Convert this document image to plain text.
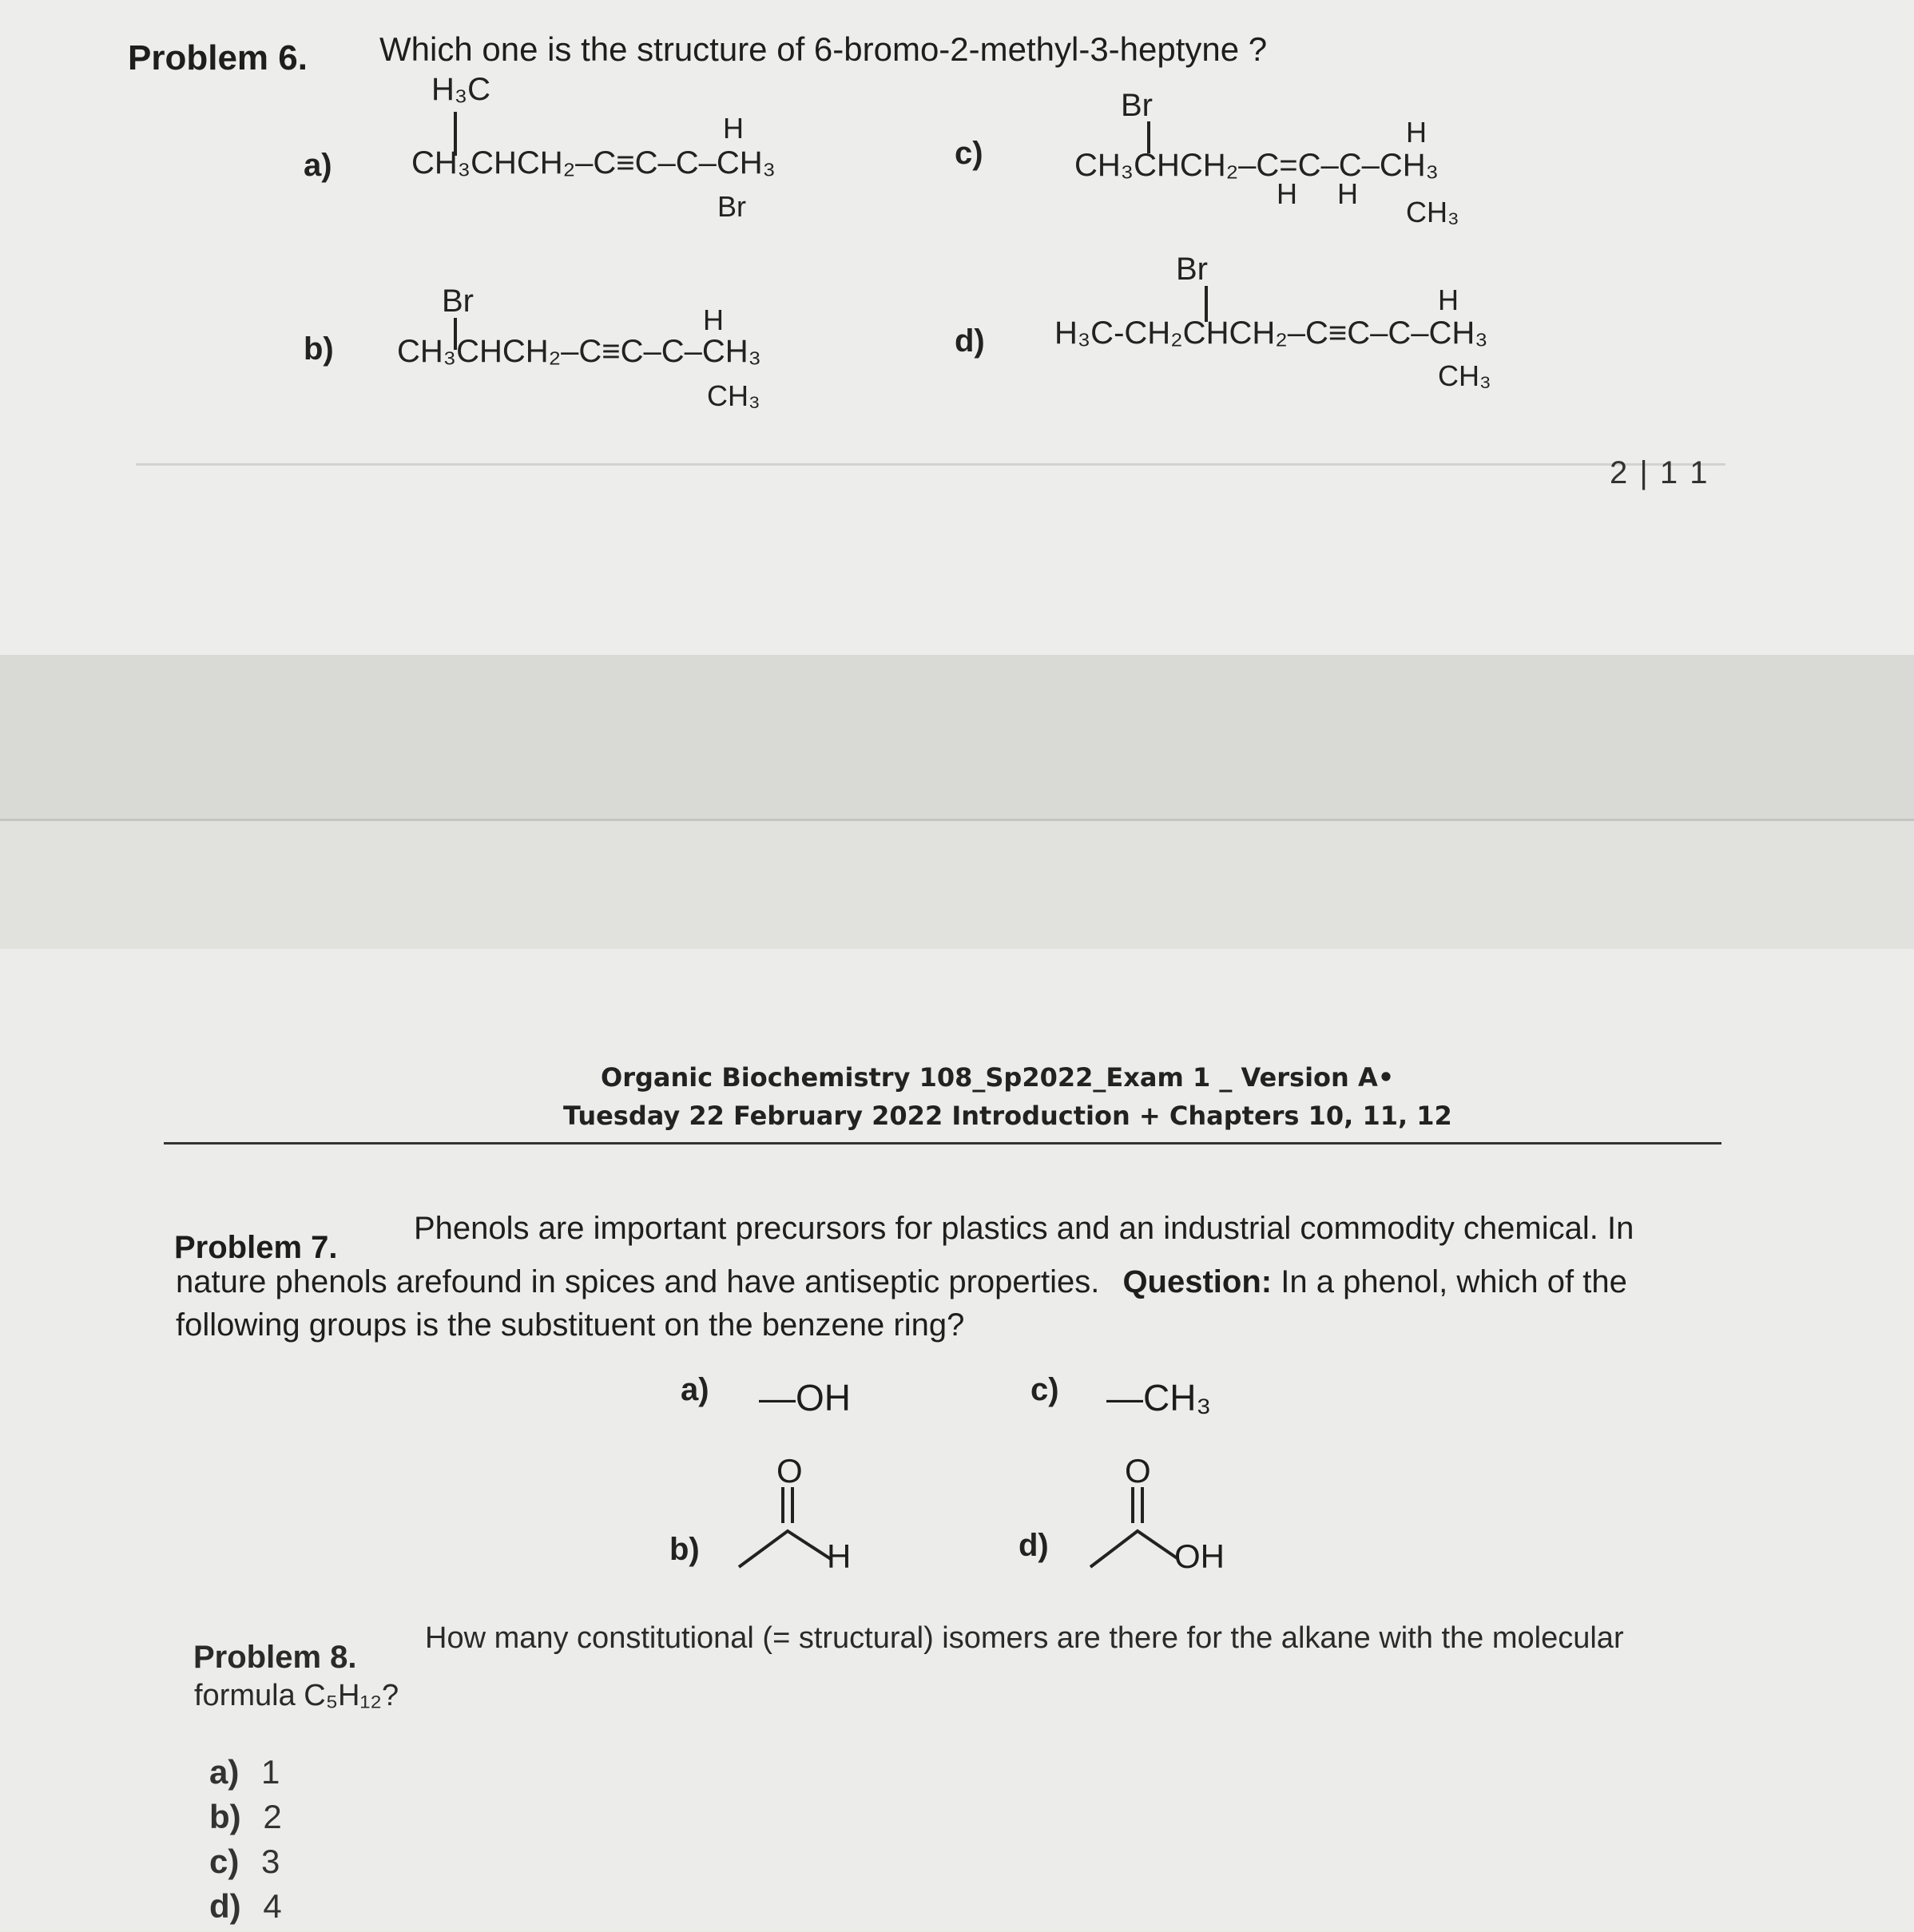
Problem 6. Which one is the structure of 6-bromo-2-methyl-3-heptyne ?
a)
H₃C
CH₃CHCH₂–C≡C–C–CH₃
H
Br
b)
Br
CH₃CHCH₂–C≡C–C–CH₃
H
CH₃
c)
Br
CH₃CHCH₂–C=C–C–CH₃
H
H H
CH₃
d)
Br
H₃C-CH₂CHCH₂–C≡C–C–CH₃
H
CH₃
2 | 1 1
Organic Biochemistry 108_Sp2022_Exam 1 _ Version A•
Tuesday 22 February 2022 Introduction + Chapters 10, 11, 12
Problem 7.
Phenols are important precursors for plastics and an industrial commodity chemical. In
nature phenols arefound in spices and have antiseptic properties. Question: In a phenol, which of the
following groups is the substituent on the benzene ring?
a) —OH	c) —CH₃
b)
O
H	d)
O
OH
Problem 8.
How many constitutional (= structural) isomers are there for the alkane with the molecular
formula C₅H₁₂?
a) 1
b) 2
c) 3
d) 4
